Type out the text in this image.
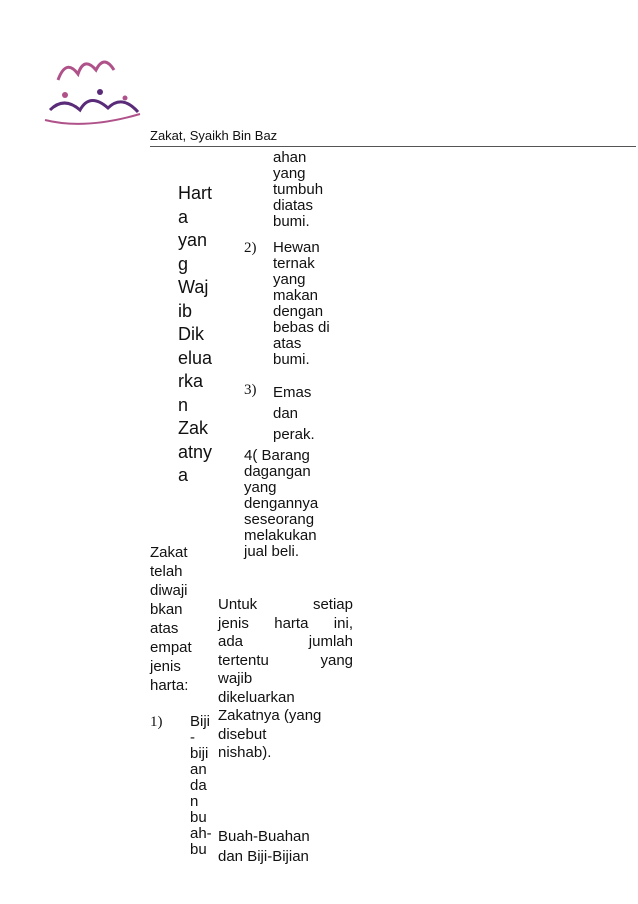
Zakat, Syaikh Bin Baz
Hart
a
yan
g
Waj
ib
Dik
elua
rka
n
Zak
atny
a
Zakat
telah
diwaji
bkan
atas
empat
jenis
harta:
1) Biji
-
biji
an
da
n
bu
ah-
bu
ahan
yang
tumbuh
diatas
bumi.
2) Hewan
ternak
yang
makan
dengan
bebas di
atas
bumi.
3) Emas
dan
perak.
4( Barang
dagangan
yang
dengannya
seseorang
melakukan
jual beli.
Untuk setiap
jenis harta ini,
ada jumlah
tertentu yang
wajib
dikeluarkan
Zakatnya (yang
disebut
nishab).
Buah-Buahan
dan Biji-Bijian
